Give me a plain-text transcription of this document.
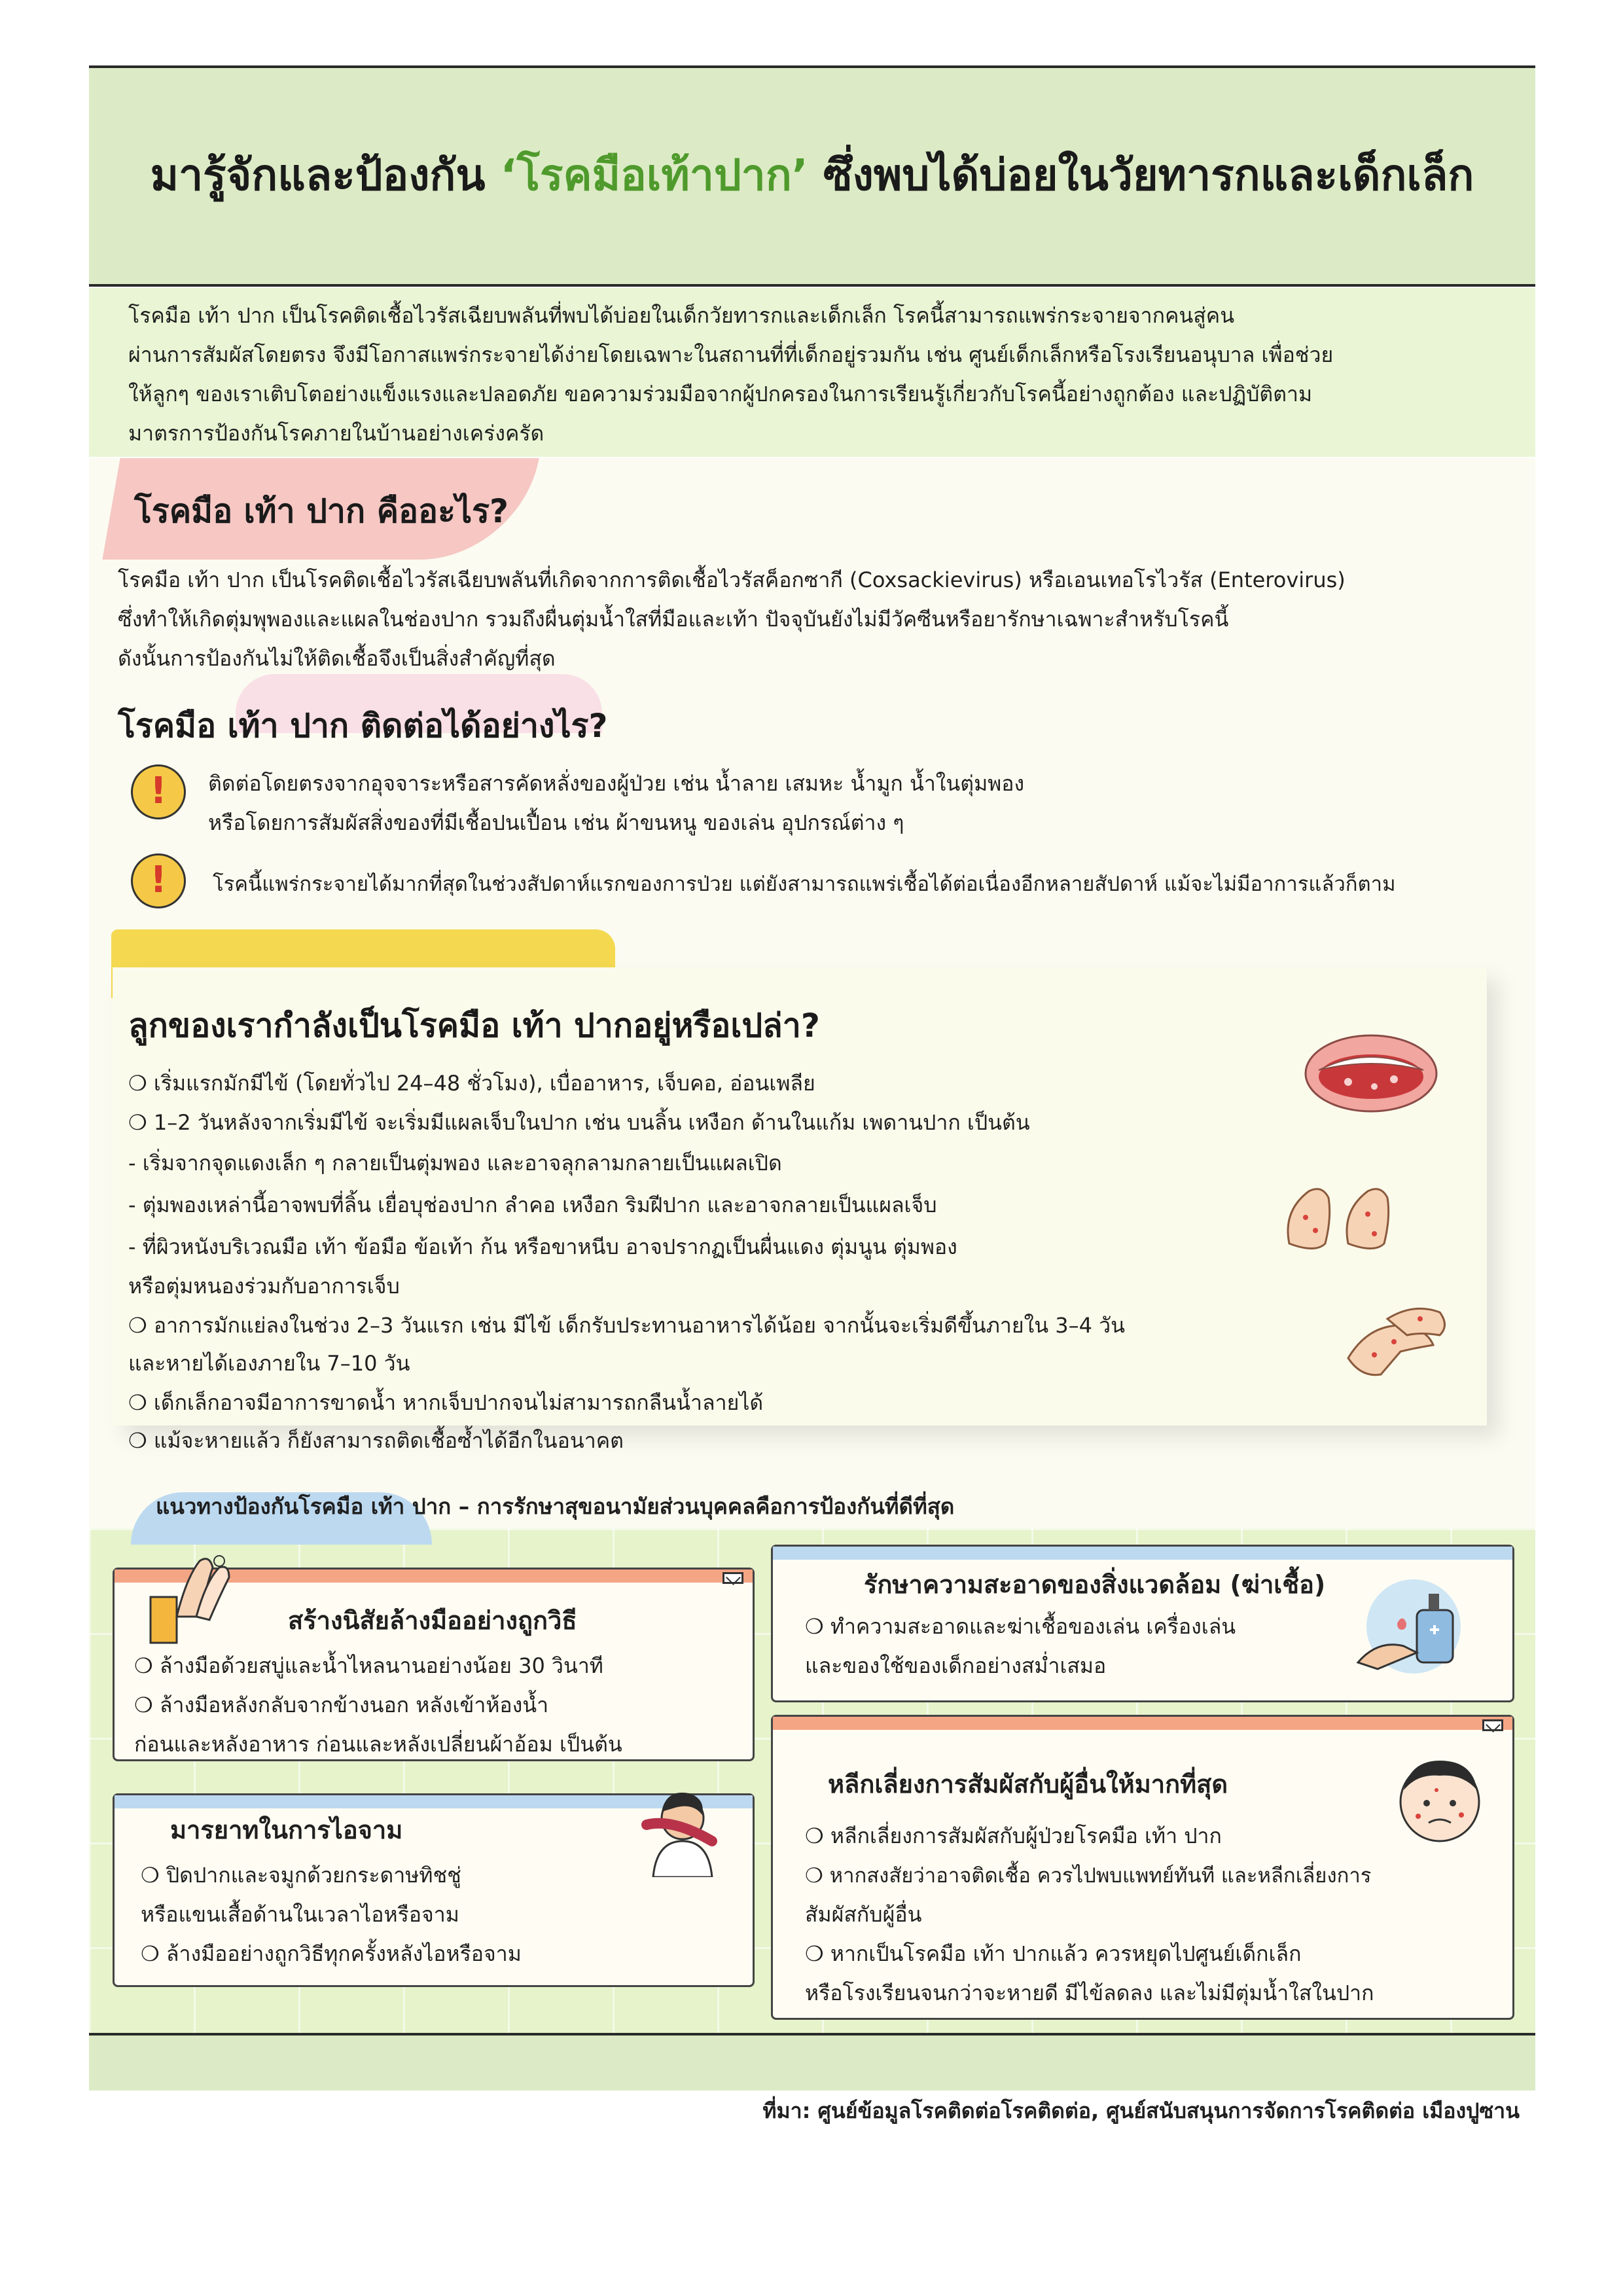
มารู้จักและป้องกัน ‘โรคมือเท้าปาก’ ซึ่งพบได้บ่อยในวัยทารกและเด็กเล็ก
โรคมือ เท้า ปาก เป็นโรคติดเชื้อไวรัสเฉียบพลันที่พบได้บ่อยในเด็กวัยทารกและเด็กเล็ก โรคนี้สามารถแพร่กระจายจากคนสู่คน
ผ่านการสัมผัสโดยตรง จึงมีโอกาสแพร่กระจายได้ง่ายโดยเฉพาะในสถานที่ที่เด็กอยู่รวมกัน เช่น ศูนย์เด็กเล็กหรือโรงเรียนอนุบาล เพื่อช่วย
ให้ลูกๆ ของเราเติบโตอย่างแข็งแรงและปลอดภัย ขอความร่วมมือจากผู้ปกครองในการเรียนรู้เกี่ยวกับโรคนี้อย่างถูกต้อง และปฏิบัติตาม
มาตรการป้องกันโรคภายในบ้านอย่างเคร่งครัด
โรคมือ เท้า ปาก คืออะไร?
โรคมือ เท้า ปาก เป็นโรคติดเชื้อไวรัสเฉียบพลันที่เกิดจากการติดเชื้อไวรัสค็อกซากี (Coxsackievirus) หรือเอนเทอโรไวรัส (Enterovirus)
ซึ่งทำให้เกิดตุ่มพุพองและแผลในช่องปาก รวมถึงผื่นตุ่มน้ำใสที่มือและเท้า ปัจจุบันยังไม่มีวัคซีนหรือยารักษาเฉพาะสำหรับโรคนี้
ดังนั้นการป้องกันไม่ให้ติดเชื้อจึงเป็นสิ่งสำคัญที่สุด
โรคมือ เท้า ปาก ติดต่อได้อย่างไร?
!	ติดต่อโดยตรงจากอุจจาระหรือสารคัดหลั่งของผู้ป่วย เช่น น้ำลาย เสมหะ น้ำมูก น้ำในตุ่มพอง
หรือโดยการสัมผัสสิ่งของที่มีเชื้อปนเปื้อน เช่น ผ้าขนหนู ของเล่น อุปกรณ์ต่าง ๆ
!	โรคนี้แพร่กระจายได้มากที่สุดในช่วงสัปดาห์แรกของการป่วย แต่ยังสามารถแพร่เชื้อได้ต่อเนื่องอีกหลายสัปดาห์ แม้จะไม่มีอาการแล้วก็ตาม
ลูกของเรากำลังเป็นโรคมือ เท้า ปากอยู่หรือเปล่า?
❍ เริ่มแรกมักมีไข้ (โดยทั่วไป 24–48 ชั่วโมง), เบื่ออาหาร, เจ็บคอ, อ่อนเพลีย
❍ 1–2 วันหลังจากเริ่มมีไข้ จะเริ่มมีแผลเจ็บในปาก เช่น บนลิ้น เหงือก ด้านในแก้ม เพดานปาก เป็นต้น
- เริ่มจากจุดแดงเล็ก ๆ กลายเป็นตุ่มพอง และอาจลุกลามกลายเป็นแผลเปิด
- ตุ่มพองเหล่านี้อาจพบที่ลิ้น เยื่อบุช่องปาก ลำคอ เหงือก ริมฝีปาก และอาจกลายเป็นแผลเจ็บ
- ที่ผิวหนังบริเวณมือ เท้า ข้อมือ ข้อเท้า ก้น หรือขาหนีบ อาจปรากฏเป็นผื่นแดง ตุ่มนูน ตุ่มพอง
หรือตุ่มหนองร่วมกับอาการเจ็บ
❍ อาการมักแย่ลงในช่วง 2–3 วันแรก เช่น มีไข้ เด็กรับประทานอาหารได้น้อย จากนั้นจะเริ่มดีขึ้นภายใน 3–4 วัน
และหายได้เองภายใน 7–10 วัน
❍ เด็กเล็กอาจมีอาการขาดน้ำ หากเจ็บปากจนไม่สามารถกลืนน้ำลายได้
❍ แม้จะหายแล้ว ก็ยังสามารถติดเชื้อซ้ำได้อีกในอนาคต
แนวทางป้องกันโรคมือ เท้า ปาก – การรักษาสุขอนามัยส่วนบุคคลคือการป้องกันที่ดีที่สุด
สร้างนิสัยล้างมืออย่างถูกวิธี
❍ ล้างมือด้วยสบู่และน้ำไหลนานอย่างน้อย 30 วินาที
❍ ล้างมือหลังกลับจากข้างนอก หลังเข้าห้องน้ำ
ก่อนและหลังอาหาร ก่อนและหลังเปลี่ยนผ้าอ้อม เป็นต้น
มารยาทในการไอจาม
❍ ปิดปากและจมูกด้วยกระดาษทิชชู่
หรือแขนเสื้อด้านในเวลาไอหรือจาม
❍ ล้างมืออย่างถูกวิธีทุกครั้งหลังไอหรือจาม
รักษาความสะอาดของสิ่งแวดล้อม (ฆ่าเชื้อ)
❍ ทำความสะอาดและฆ่าเชื้อของเล่น เครื่องเล่น
และของใช้ของเด็กอย่างสม่ำเสมอ
หลีกเลี่ยงการสัมผัสกับผู้อื่นให้มากที่สุด
❍ หลีกเลี่ยงการสัมผัสกับผู้ป่วยโรคมือ เท้า ปาก
❍ หากสงสัยว่าอาจติดเชื้อ ควรไปพบแพทย์ทันที และหลีกเลี่ยงการ
สัมผัสกับผู้อื่น
❍ หากเป็นโรคมือ เท้า ปากแล้ว ควรหยุดไปศูนย์เด็กเล็ก
หรือโรงเรียนจนกว่าจะหายดี มีไข้ลดลง และไม่มีตุ่มน้ำใสในปาก
ที่มา: ศูนย์ข้อมูลโรคติดต่อโรคติดต่อ, ศูนย์สนับสนุนการจัดการโรคติดต่อ เมืองปูซาน
